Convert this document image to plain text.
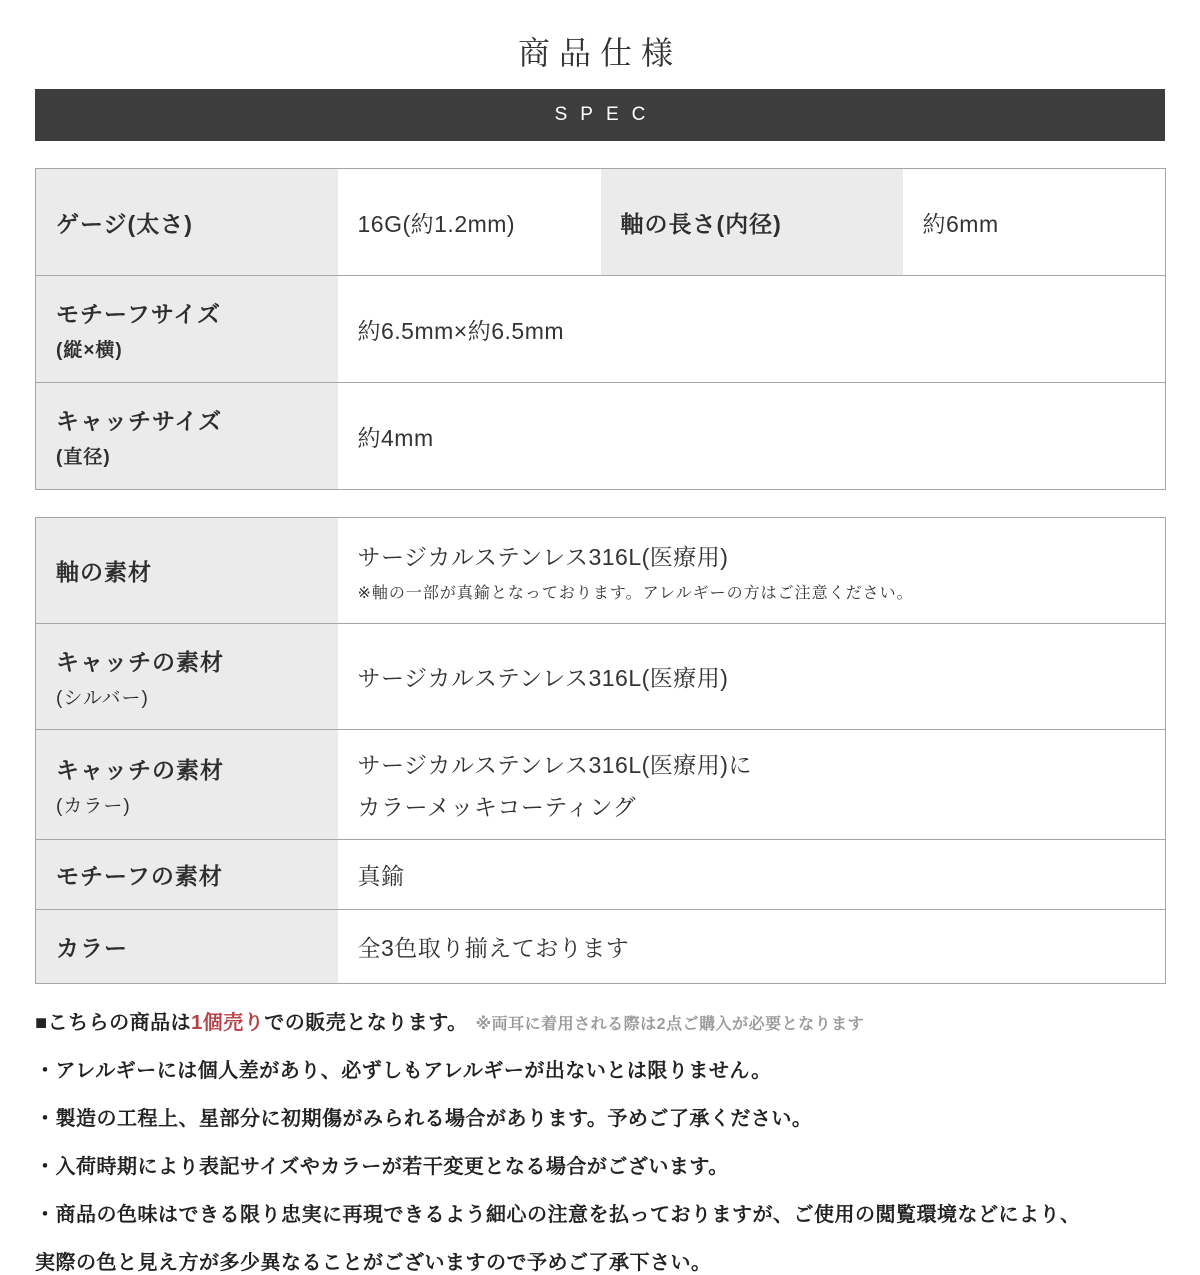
商品仕様
SPEC
ゲージ(太さ)	16G(約1.2mm)	軸の長さ(内径)	約6mm
モチーフサイズ
(縦×横)	約6.5mm×約6.5mm		
キャッチサイズ
(直径)	約4mm		
軸の素材	サージカルステンレス316L(医療用)
※軸の一部が真鍮となっております。アレルギーの方はご注意ください。

キャッチの素材
(シルバー)	サージカルステンレス316L(医療用)
キャッチの素材
(カラー)	サージカルステンレス316L(医療用)に
カラーメッキコーティング

モチーフの素材	真鍮
カラー	全3色取り揃えております

■こちらの商品は1個売りでの販売となります。 ※両耳に着用される際は2点ご購入が必要となります

・アレルギーには個人差があり、必ずしもアレルギーが出ないとは限りません。

・製造の工程上、星部分に初期傷がみられる場合があります。予めご了承ください。

・入荷時期により表記サイズやカラーが若干変更となる場合がございます。

・商品の色味はできる限り忠実に再現できるよう細心の注意を払っておりますが、ご使用の閲覧環境などにより、

実際の色と見え方が多少異なることがございますので予めご了承下さい。
